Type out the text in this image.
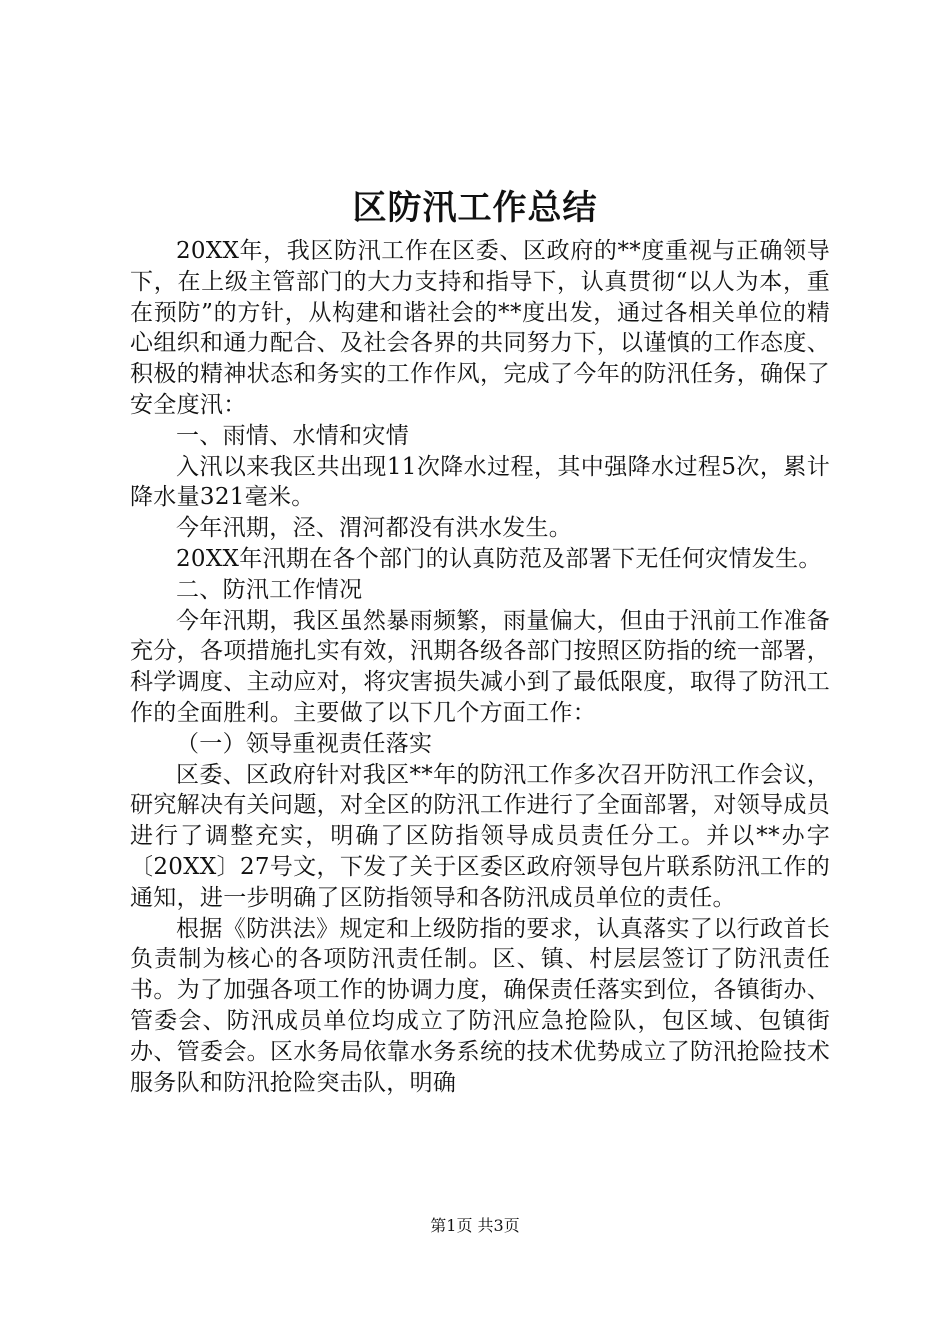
区防汛工作总结

20XX年，我区防汛工作在区委、区政府的**度重视与正确领导下，在上级主管部门的大力支持和指导下，认真贯彻“以人为本，重在预防”的方针，从构建和谐社会的**度出发，通过各相关单位的精心组织和通力配合、及社会各界的共同努力下，以谨慎的工作态度、积极的精神状态和务实的工作作风，完成了今年的防汛任务，确保了安全度汛：

一、雨情、水情和灾情

入汛以来我区共出现11次降水过程，其中强降水过程5次，累计降水量321毫米。

今年汛期，泾、渭河都没有洪水发生。

20XX年汛期在各个部门的认真防范及部署下无任何灾情发生。

二、防汛工作情况

今年汛期，我区虽然暴雨频繁，雨量偏大，但由于汛前工作准备充分，各项措施扎实有效，汛期各级各部门按照区防指的统一部署，科学调度、主动应对，将灾害损失减小到了最低限度，取得了防汛工作的全面胜利。主要做了以下几个方面工作：

（一）领导重视责任落实

区委、区政府针对我区**年的防汛工作多次召开防汛工作会议，研究解决有关问题，对全区的防汛工作进行了全面部署，对领导成员进行了调整充实，明确了区防指领导成员责任分工。并以**办字〔20XX〕27号文，下发了关于区委区政府领导包片联系防汛工作的通知，进一步明确了区防指领导和各防汛成员单位的责任。

根据《防洪法》规定和上级防指的要求，认真落实了以行政首长负责制为核心的各项防汛责任制。区、镇、村层层签订了防汛责任书。为了加强各项工作的协调力度，确保责任落实到位，各镇街办、管委会、防汛成员单位均成立了防汛应急抢险队，包区域、包镇街办、管委会。区水务局依靠水务系统的技术优势成立了防汛抢险技术服务队和防汛抢险突击队，明确

第1页 共3页
